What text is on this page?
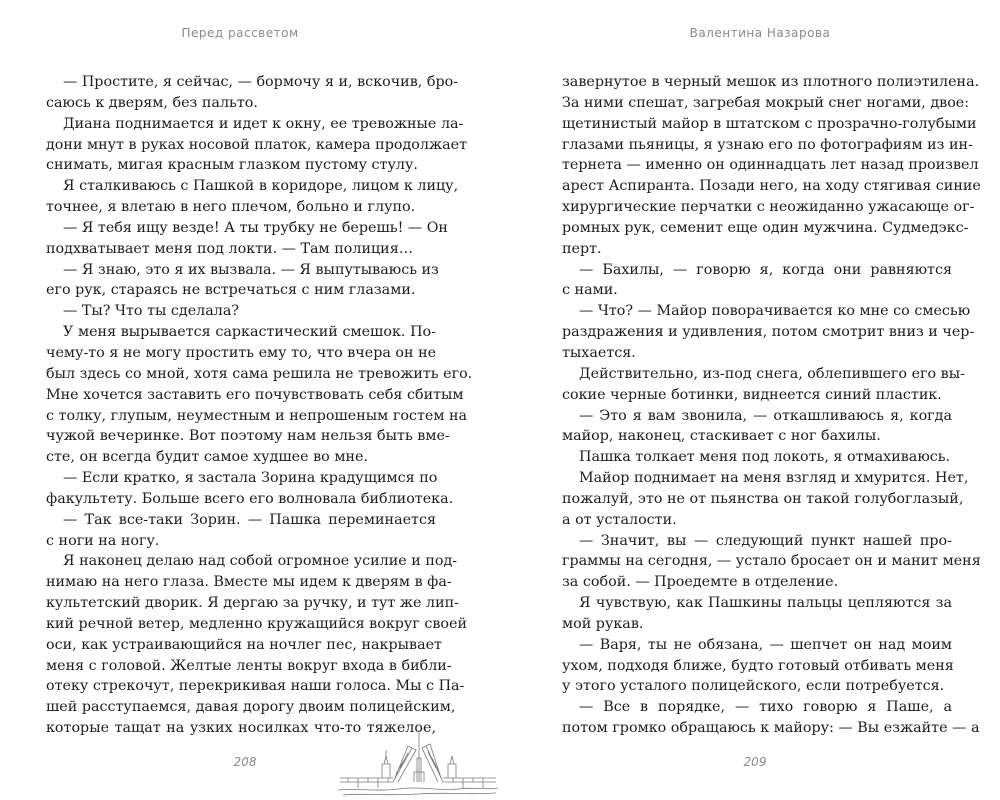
Перед рассветом
— Простите, я сейчас, — бормочу я и, вскочив, бро-
саюсь к дверям, без пальто.
Диана поднимается и идет к окну, ее тревожные ла-
дони мнут в руках носовой платок, камера продолжает
снимать, мигая красным глазком пустому стулу.
Я сталкиваюсь с Пашкой в коридоре, лицом к лицу,
точнее, я влетаю в него плечом, больно и глупо.
— Я тебя ищу везде! А ты трубку не берешь! — Он
подхватывает меня под локти. — Там полиция…
— Я знаю, это я их вызвала. — Я выпутываюсь из
его рук, стараясь не встречаться с ним глазами.
— Ты? Что ты сделала?
У меня вырывается саркастический смешок. По-
чему-то я не могу простить ему то, что вчера он не
был здесь со мной, хотя сама решила не тревожить его.
Мне хочется заставить его почувствовать себя сбитым
с толку, глупым, неуместным и непрошеным гостем на
чужой вечеринке. Вот поэтому нам нельзя быть вме-
сте, он всегда будит самое худшее во мне.
— Если кратко, я застала Зорина крадущимся по
факультету. Больше всего его волновала библиотека.
— Так все-таки Зорин. — Пашка переминается
с ноги на ногу.
Я наконец делаю над собой огромное усилие и под-
нимаю на него глаза. Вместе мы идем к дверям в фа-
культетский дворик. Я дергаю за ручку, и тут же лип-
кий речной ветер, медленно кружащийся вокруг своей
оси, как устраивающийся на ночлег пес, накрывает
меня с головой. Желтые ленты вокруг входа в библи-
отеку стрекочут, перекрикивая наши голоса. Мы с Па-
шей расступаемся, давая дорогу двоим полицейским,
которые тащат на узких носилках что-то тяжелое,
208
Валентина Назарова
завернутое в черный мешок из плотного полиэтилена.
За ними спешат, загребая мокрый снег ногами, двое:
щетинистый майор в штатском с прозрачно-голубыми
глазами пьяницы, я узнаю его по фотографиям из ин-
тернета — именно он одиннадцать лет назад произвел
арест Аспиранта. Позади него, на ходу стягивая синие
хирургические перчатки с неожиданно ужасающе ог-
ромных рук, семенит еще один мужчина. Судмедэкс-
перт.
— Бахилы, — говорю я, когда они равняются
с нами.
— Что? — Майор поворачивается ко мне со смесью
раздражения и удивления, потом смотрит вниз и чер-
тыхается.
Действительно, из-под снега, облепившего его вы-
сокие черные ботинки, виднеется синий пластик.
— Это я вам звонила, — откашливаюсь я, когда
майор, наконец, стаскивает с ног бахилы.
Пашка толкает меня под локоть, я отмахиваюсь.
Майор поднимает на меня взгляд и хмурится. Нет,
пожалуй, это не от пьянства он такой голубоглазый,
а от усталости.
— Значит, вы — следующий пункт нашей про-
граммы на сегодня, — устало бросает он и манит меня
за собой. — Проедемте в отделение.
Я чувствую, как Пашкины пальцы цепляются за
мой рукав.
— Варя, ты не обязана, — шепчет он над моим
ухом, подходя ближе, будто готовый отбивать меня
у этого усталого полицейского, если потребуется.
— Все в порядке, — тихо говорю я Паше, а
потом громко обращаюсь к майору: — Вы езжайте — а
209
